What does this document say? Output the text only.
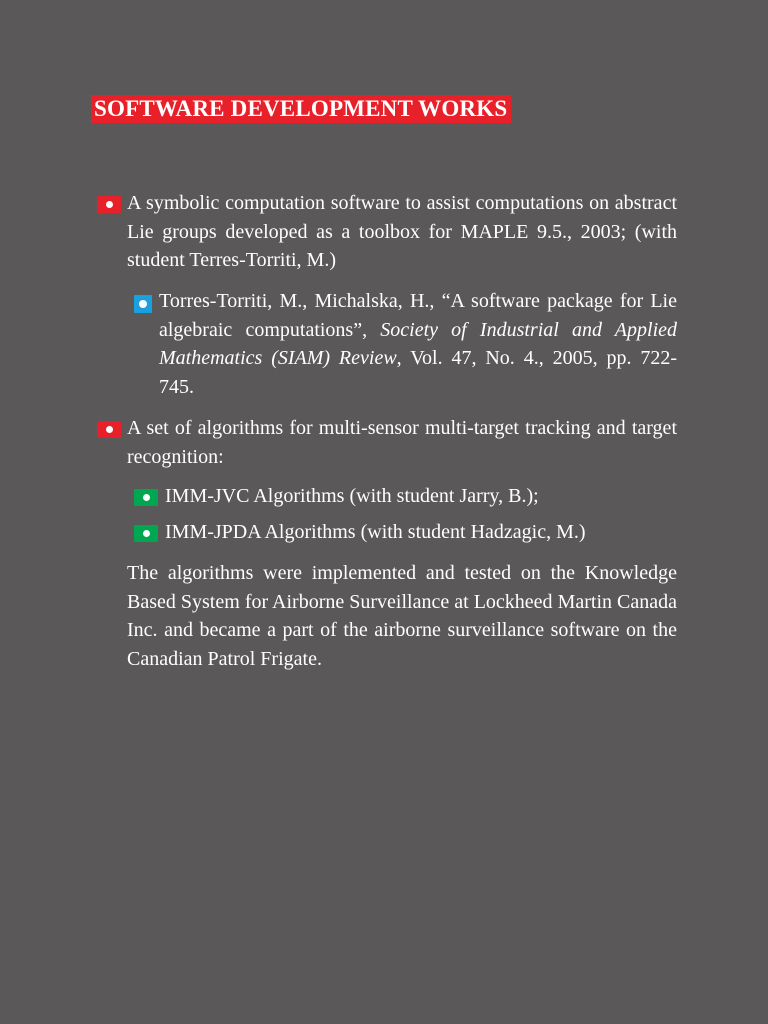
SOFTWARE DEVELOPMENT WORKS
A symbolic computation software to assist computations on abstract Lie groups developed as a toolbox for MAPLE 9.5., 2003; (with student Terres-Torriti, M.)
Torres-Torriti, M., Michalska, H., “A software package for Lie algebraic computations”, Society of Industrial and Applied Mathematics (SIAM) Review, Vol. 47, No. 4., 2005, pp. 722-745.
A set of algorithms for multi-sensor multi-target tracking and target recognition:
IMM-JVC Algorithms (with student Jarry, B.);
IMM-JPDA Algorithms (with student Hadzagic, M.)
The algorithms were implemented and tested on the Knowledge Based System for Airborne Surveillance at Lockheed Martin Canada Inc. and became a part of the airborne surveillance software on the Canadian Patrol Frigate.
